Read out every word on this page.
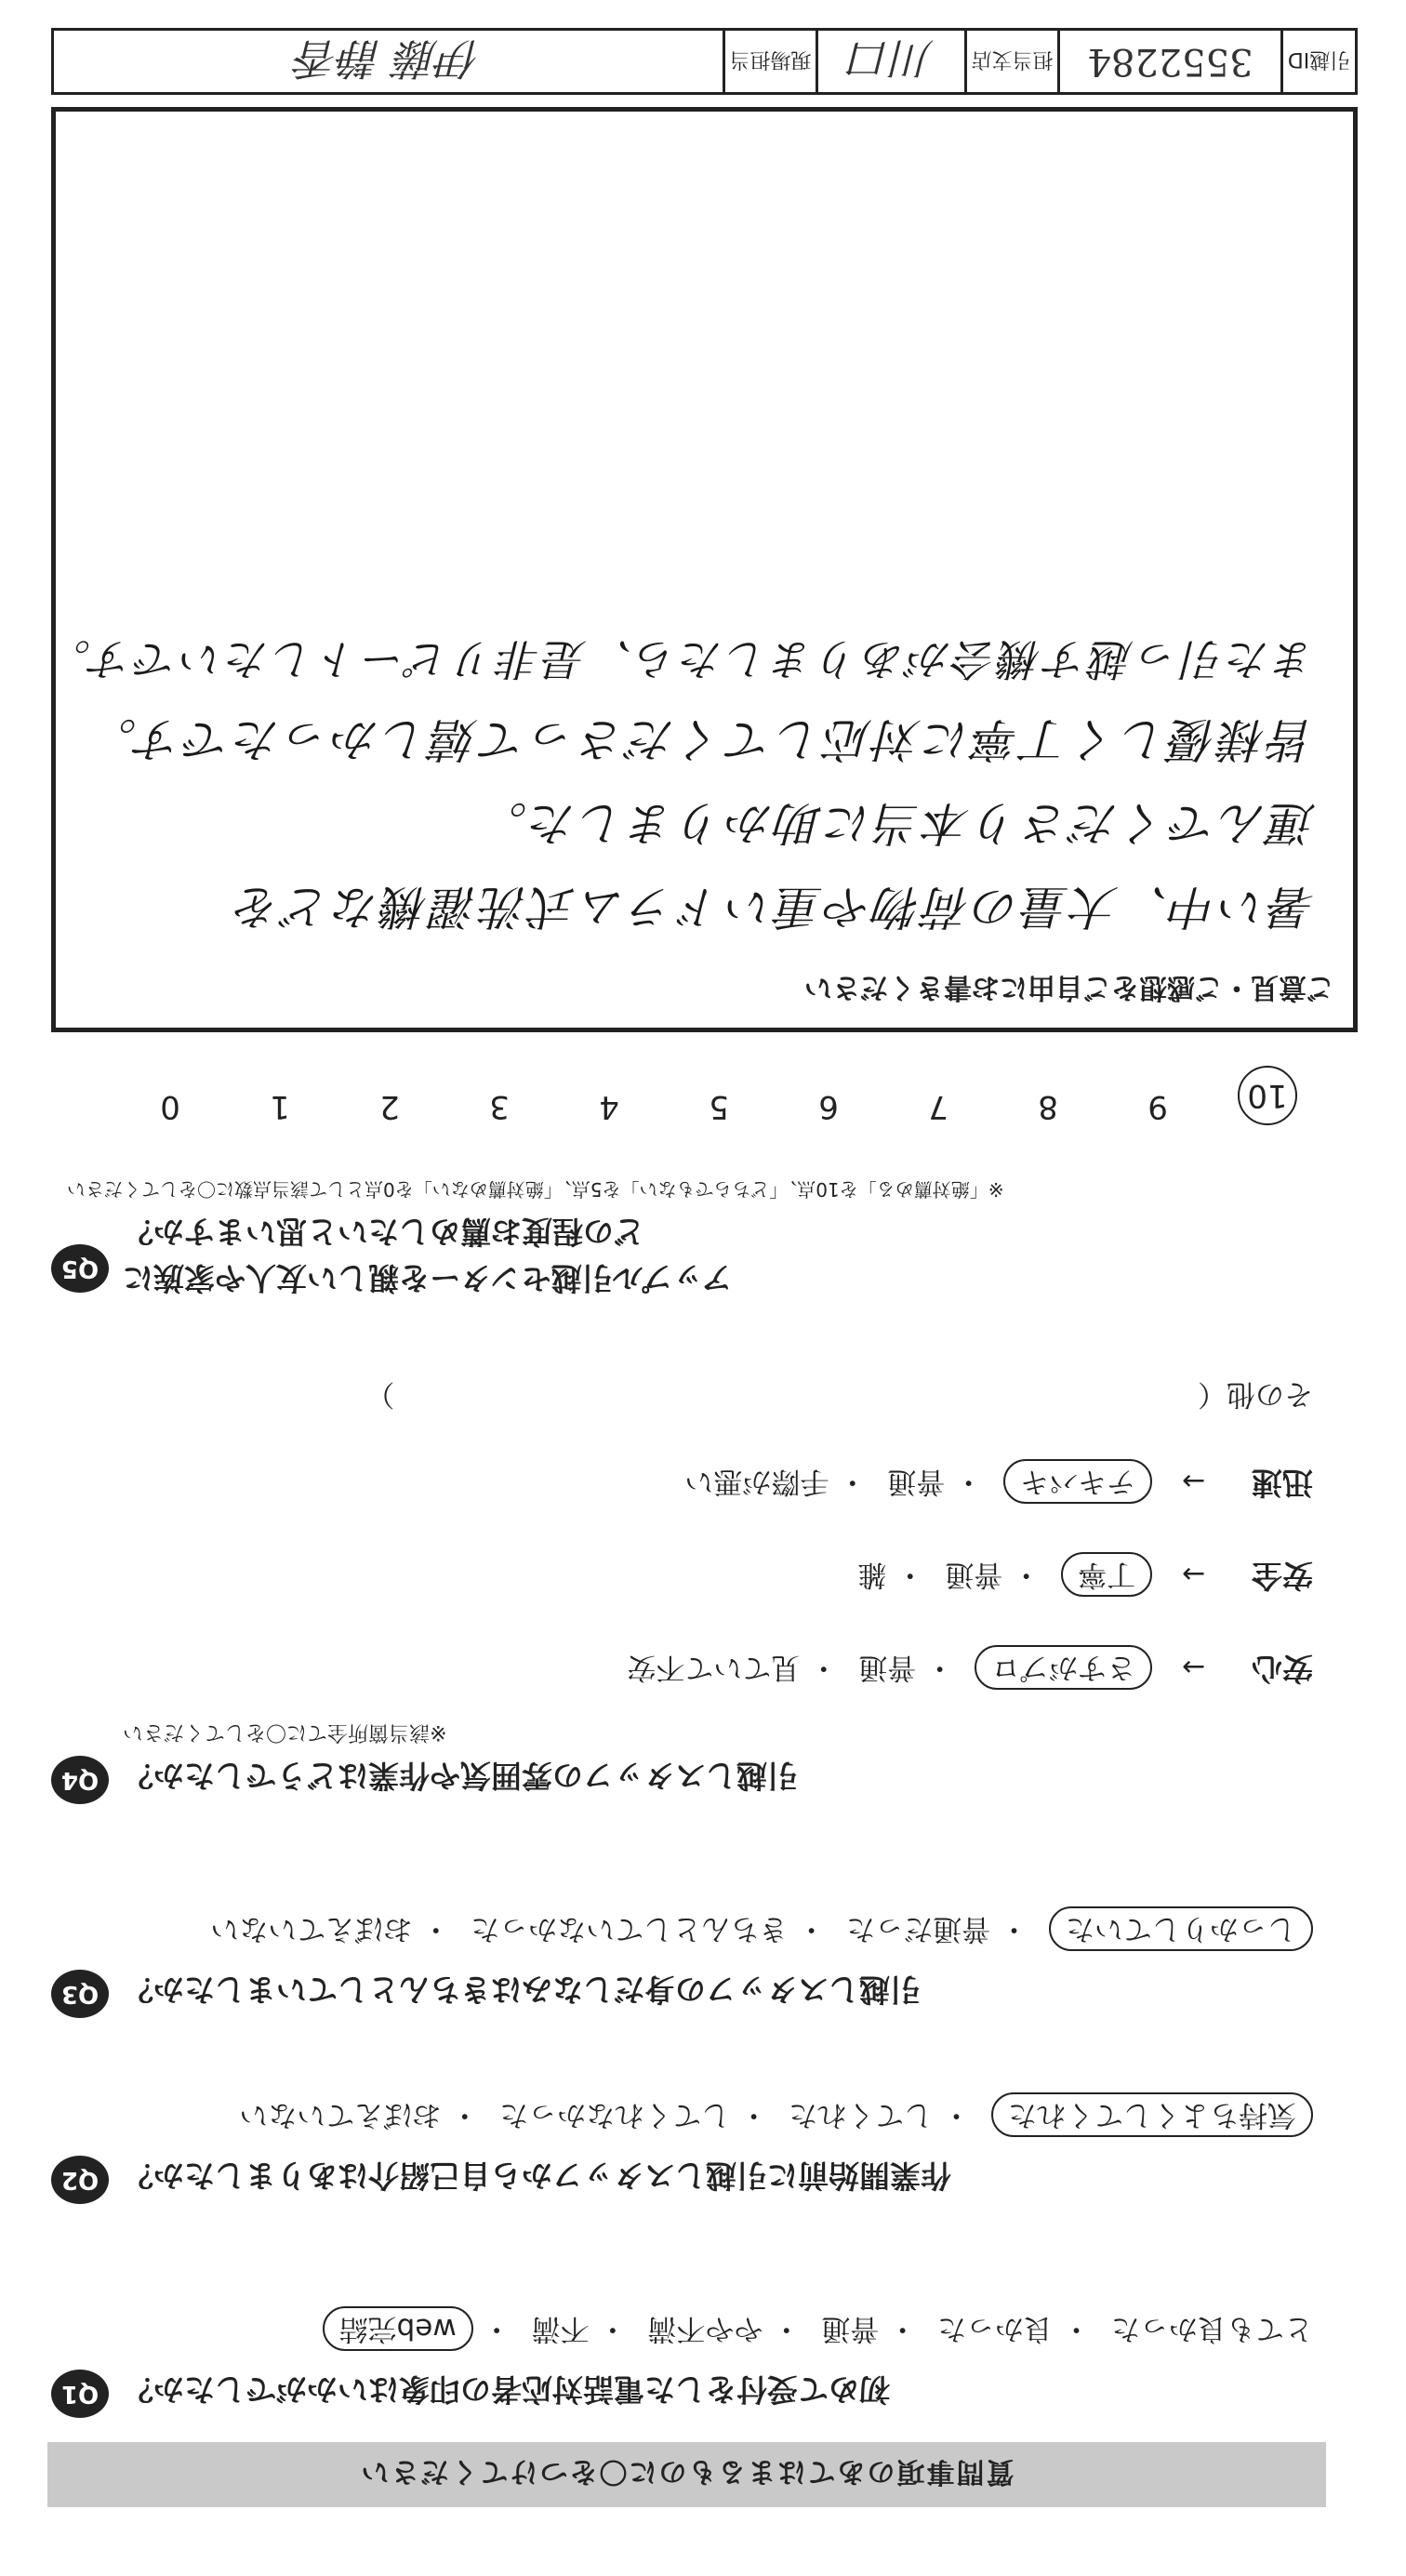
引越ID
3552284
担当支店
川口
現場担当
伊藤 静香
質問事項のあてはまるものに〇をつけてください
Q1 初めて受付をした電話対応者の印象はいかがでしたか？
とても良かった・ 良かった・ 普通・ やや不満・ 不満・ web完結
Q2 作業開始前に引越しスタッフから自己紹介はありましたか？
気持ちよくしてくれた・ してくれた・ してくれなかった・ おぼえていない
Q3 引越しスタッフの身だしなみはきちんとしていましたか？
しっかりしていた・ 普通だった・ きちんとしていなかった・ おぼえていない
Q4 引越しスタッフの雰囲気や作業はどうでしたか？
※該当箇所全てに〇をしてください
安心 → さすがプロ・ 普通・ 見ていて不安
安全 → 丁寧・ 普通・ 雑
迅速 → テキパキ・ 普通・ 手際が悪い
その他（  ）
Q5 アップル引越センターを親しい友人や家族に
どの程度お薦めしたいと思いますか？
※「絶対薦める」を10点、「どちらでもない」を5点、「絶対薦めない」を0点として該当点数に〇をしてください
10
9
8
7
6
5
4
3
2
1
0
ご意見・ご感想をご自由にお書きください
暑い中、大量の荷物や重いドラム式洗濯機などを
運んでくださり本当に助かりました。
皆様優しく丁寧に対応してくださって嬉しかったです。
また引っ越す機会がありましたら、是非リピートしたいです。
